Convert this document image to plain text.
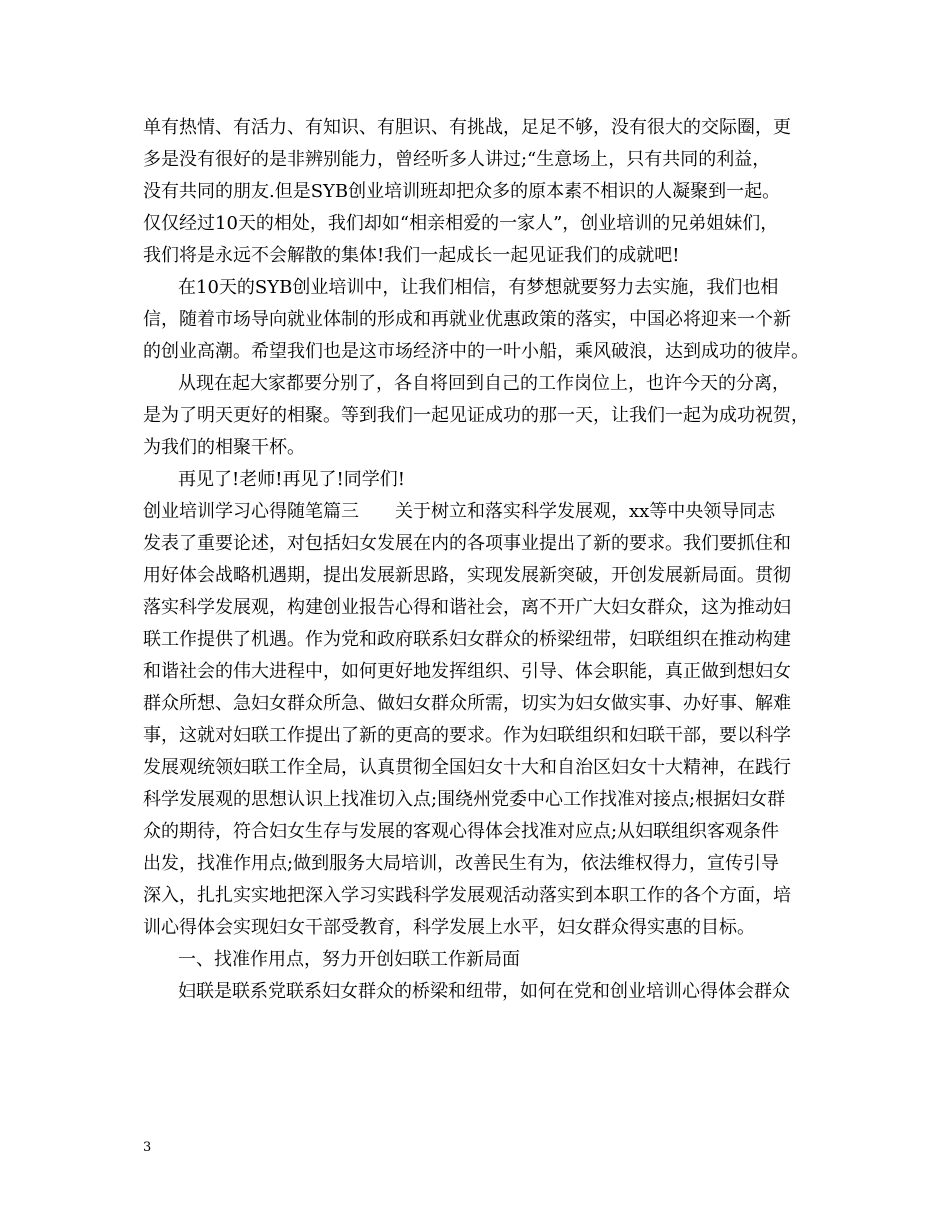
单有热情、有活力、有知识、有胆识、有挑战，足足不够，没有很大的交际圈，更
多是没有很好的是非辨别能力，曾经听多人讲过;“生意场上，只有共同的利益，
没有共同的朋友.但是SYB创业培训班却把众多的原本素不相识的人凝聚到一起。
仅仅经过10天的相处，我们却如“相亲相爱的一家人”，创业培训的兄弟姐妹们，
我们将是永远不会解散的集体!我们一起成长一起见证我们的成就吧!
在10天的SYB创业培训中，让我们相信，有梦想就要努力去实施，我们也相
信，随着市场导向就业体制的形成和再就业优惠政策的落实，中国必将迎来一个新
的创业高潮。希望我们也是这市场经济中的一叶小船，乘风破浪，达到成功的彼岸。
从现在起大家都要分别了，各自将回到自己的工作岗位上，也许今天的分离，
是为了明天更好的相聚。等到我们一起见证成功的那一天，让我们一起为成功祝贺，
为我们的相聚干杯。
再见了!老师!再见了!同学们!
创业培训学习心得随笔篇三　　关于树立和落实科学发展观，xx等中央领导同志
发表了重要论述，对包括妇女发展在内的各项事业提出了新的要求。我们要抓住和
用好体会战略机遇期，提出发展新思路，实现发展新突破，开创发展新局面。贯彻
落实科学发展观，构建创业报告心得和谐社会，离不开广大妇女群众，这为推动妇
联工作提供了机遇。作为党和政府联系妇女群众的桥梁纽带，妇联组织在推动构建
和谐社会的伟大进程中，如何更好地发挥组织、引导、体会职能，真正做到想妇女
群众所想、急妇女群众所急、做妇女群众所需，切实为妇女做实事、办好事、解难
事，这就对妇联工作提出了新的更高的要求。作为妇联组织和妇联干部，要以科学
发展观统领妇联工作全局，认真贯彻全国妇女十大和自治区妇女十大精神，在践行
科学发展观的思想认识上找准切入点;围绕州党委中心工作找准对接点;根据妇女群
众的期待，符合妇女生存与发展的客观心得体会找准对应点;从妇联组织客观条件
出发，找准作用点;做到服务大局培训，改善民生有为，依法维权得力，宣传引导
深入，扎扎实实地把深入学习实践科学发展观活动落实到本职工作的各个方面，培
训心得体会实现妇女干部受教育，科学发展上水平，妇女群众得实惠的目标。
一、找准作用点，努力开创妇联工作新局面
妇联是联系党联系妇女群众的桥梁和纽带，如何在党和创业培训心得体会群众
3
